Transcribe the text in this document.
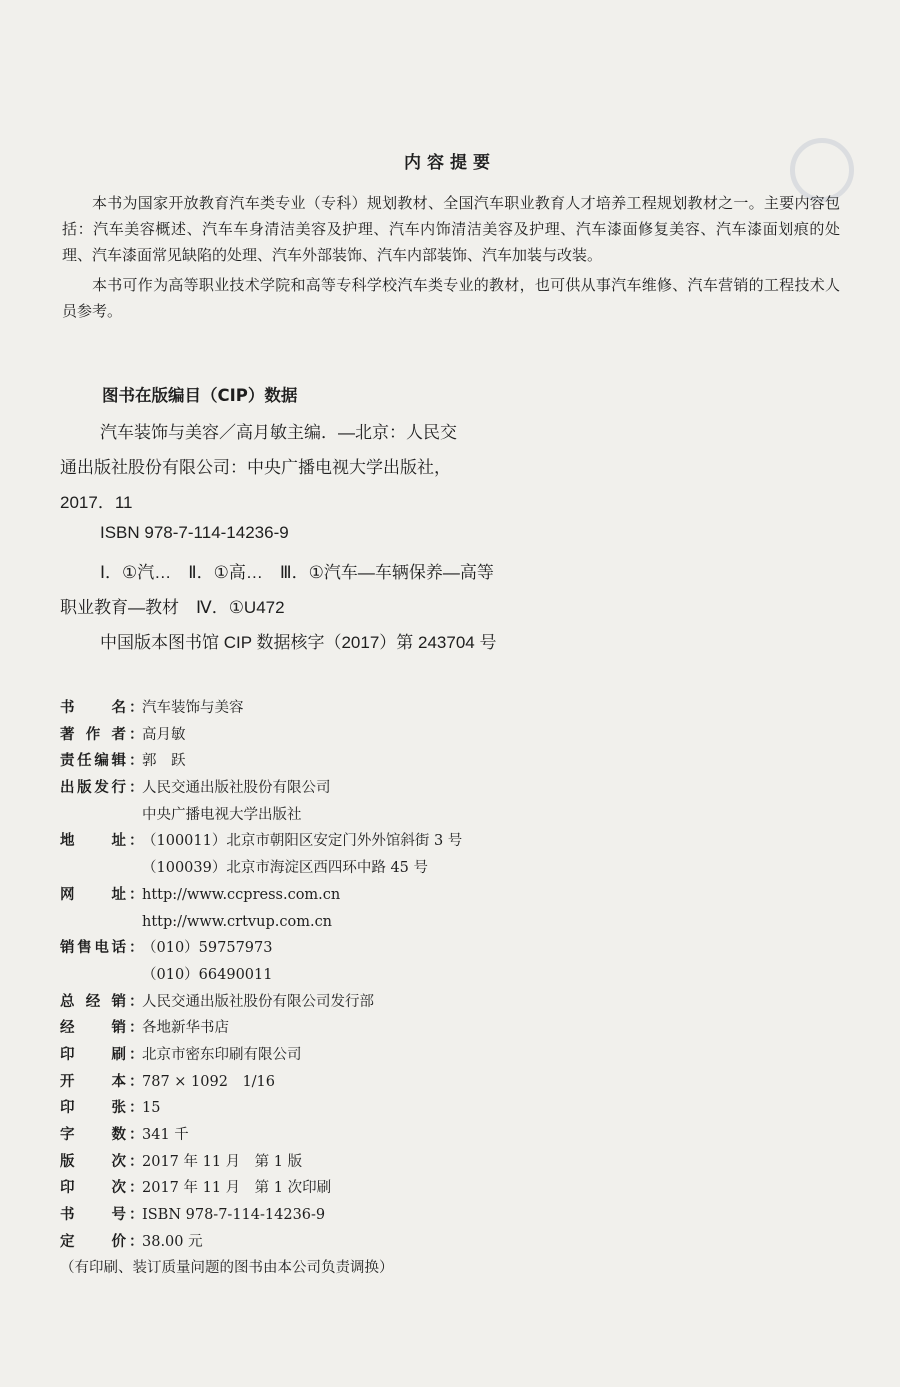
内容提要

本书为国家开放教育汽车类专业（专科）规划教材、全国汽车职业教育人才培养工程规划教材之一。主要内容包括：汽车美容概述、汽车车身清洁美容及护理、汽车内饰清洁美容及护理、汽车漆面修复美容、汽车漆面划痕的处理、汽车漆面常见缺陷的处理、汽车外部装饰、汽车内部装饰、汽车加装与改装。

本书可作为高等职业技术学院和高等专科学校汽车类专业的教材，也可供从事汽车维修、汽车营销的工程技术人员参考。

图书在版编目（CIP）数据
汽车装饰与美容／高月敏主编．—北京：人民交
通出版社股份有限公司：中央广播电视大学出版社，
2017．11
ISBN 978-7-114-14236-9
Ⅰ．①汽…　Ⅱ．①高…　Ⅲ．①汽车—车辆保养—高等
职业教育—教材　Ⅳ．①U472
中国版本图书馆 CIP 数据核字（2017）第 243704 号
书	名 ：
汽车装饰与美容
著 作 者 ：
高月敏
责 任 编 辑 ：
郭　跃
出 版 发 行 ：
人民交通出版社股份有限公司
中央广播电视大学出版社
地	址 ：
（100011）北京市朝阳区安定门外外馆斜街 3 号
（100039）北京市海淀区西四环中路 45 号
网	址 ：
http://www.ccpress.com.cn
http://www.crtvup.com.cn
销 售 电 话 ：
（010）59757973
（010）66490011
总 经 销 ：
人民交通出版社股份有限公司发行部
经	销 ：
各地新华书店
印	刷 ：
北京市密东印刷有限公司
开	本 ：
787 × 1092　1/16
印	张 ：
15
字	数 ：
341 千
版	次 ：
2017 年 11 月　第 1 版
印	次 ：
2017 年 11 月　第 1 次印刷
书	号 ：
ISBN 978-7-114-14236-9
定	价 ：
38.00 元
（有印刷、装订质量问题的图书由本公司负责调换）
